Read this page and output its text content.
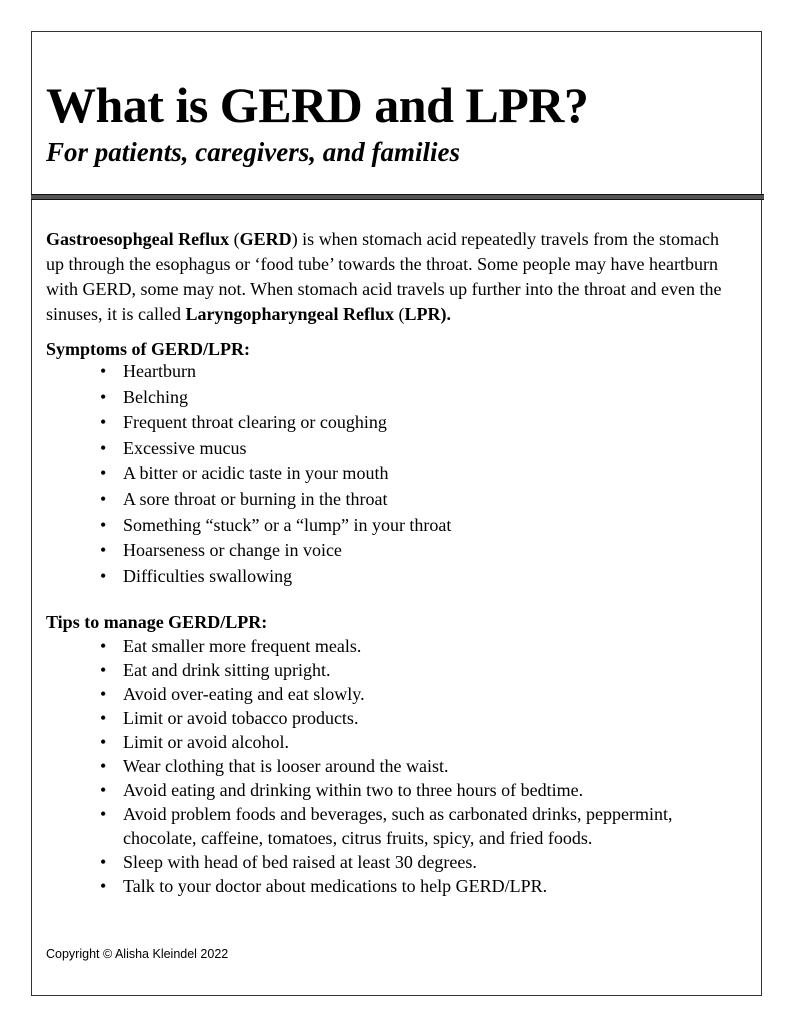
What is GERD and LPR?
For patients, caregivers, and families

Gastroesophgeal Reflux (GERD) is when stomach acid repeatedly travels from the stomach up through the esophagus or ‘food tube’ towards the throat. Some people may have heartburn with GERD, some may not. When stomach acid travels up further into the throat and even the sinuses, it is called Laryngopharyngeal Reflux (LPR).

Symptoms of GERD/LPR:
• Heartburn
• Belching
• Frequent throat clearing or coughing
• Excessive mucus
• A bitter or acidic taste in your mouth
• A sore throat or burning in the throat
• Something “stuck” or a “lump” in your throat
• Hoarseness or change in voice
• Difficulties swallowing
Tips to manage GERD/LPR:
• Eat smaller more frequent meals.
• Eat and drink sitting upright.
• Avoid over-eating and eat slowly.
• Limit or avoid tobacco products.
• Limit or avoid alcohol.
• Wear clothing that is looser around the waist.
• Avoid eating and drinking within two to three hours of bedtime.
• Avoid problem foods and beverages, such as carbonated drinks, peppermint, chocolate, caffeine, tomatoes, citrus fruits, spicy, and fried foods.
• Sleep with head of bed raised at least 30 degrees.
• Talk to your doctor about medications to help GERD/LPR.
Copyright © Alisha Kleindel 2022
